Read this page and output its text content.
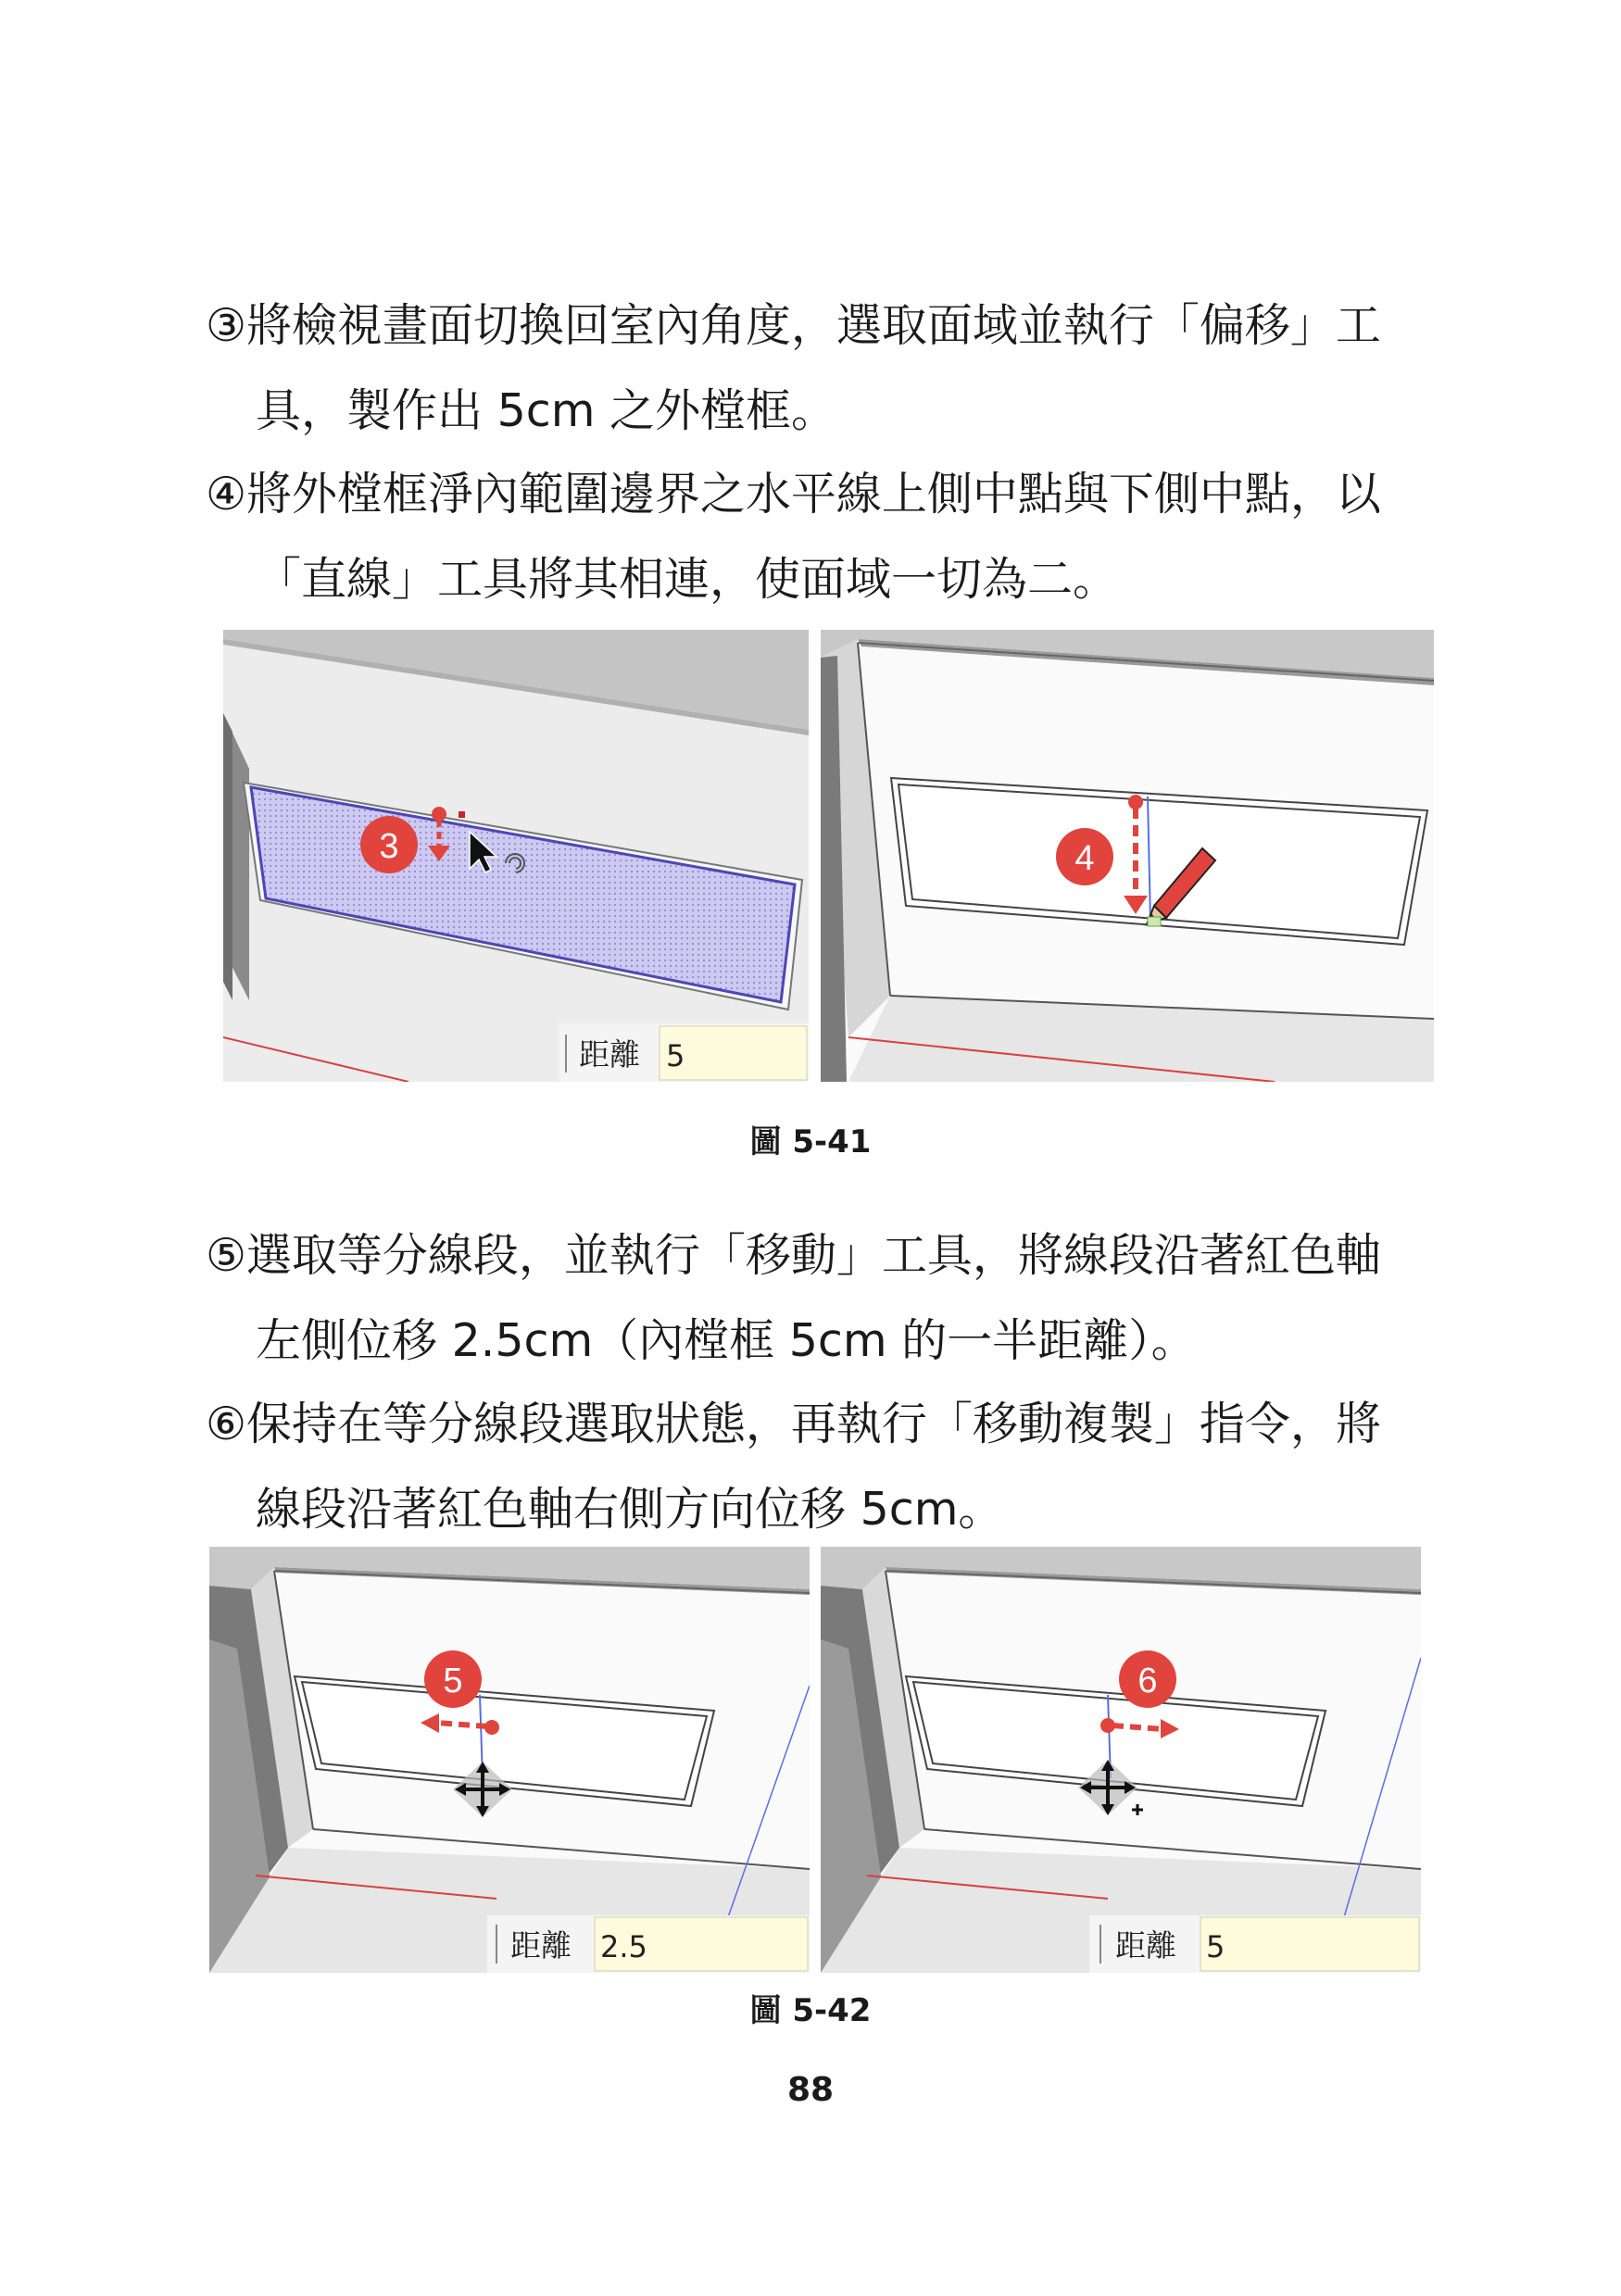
③將檢視畫面切換回室內角度，選取面域並執行「偏移」工
具，製作出 5cm 之外樘框。
④將外樘框淨內範圍邊界之水平線上側中點與下側中點，以
「直線」工具將其相連，使面域一切為二。
3
距離 5
4
圖 5-41
⑤選取等分線段，並執行「移動」工具，將線段沿著紅色軸
左側位移 2.5cm（內樘框 5cm 的一半距離）。
⑥保持在等分線段選取狀態，再執行「移動複製」指令，將
線段沿著紅色軸右側方向位移 5cm。
5
距離 2.5
6
距離 5
圖 5-42
88
